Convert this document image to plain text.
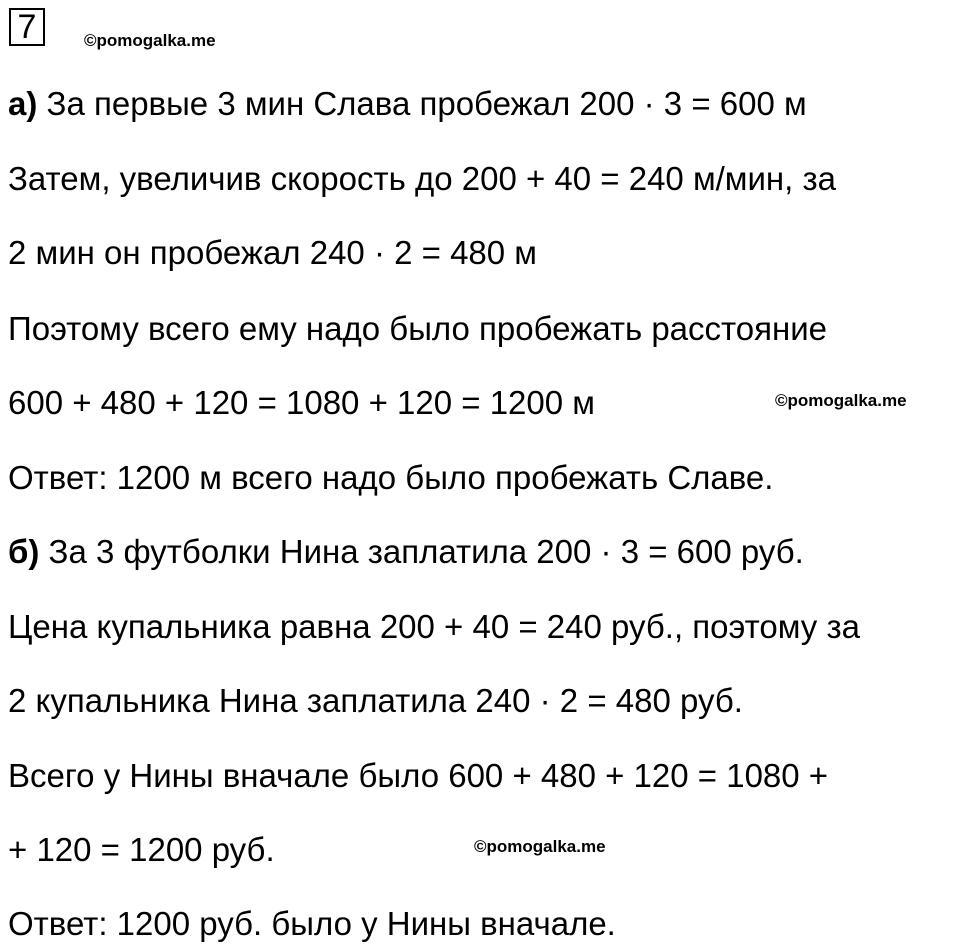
7	©pomogalka.me
а) За первые 3 мин Слава пробежал 200 · 3 = 600 м
Затем, увеличив скорость до 200 + 40 = 240 м/мин, за
2 мин он пробежал 240 · 2 = 480 м
Поэтому всего ему надо было пробежать расстояние
600 + 480 + 120 = 1080 + 120 = 1200 м	©pomogalka.me
Ответ: 1200 м всего надо было пробежать Славе.
б) За 3 футболки Нина заплатила 200 · 3 = 600 руб.
Цена купальника равна 200 + 40 = 240 руб., поэтому за
2 купальника Нина заплатила 240 · 2 = 480 руб.
Всего у Нины вначале было 600 + 480 + 120 = 1080 +
+ 120 = 1200 руб.	©pomogalka.me
Ответ: 1200 руб. было у Нины вначале.
